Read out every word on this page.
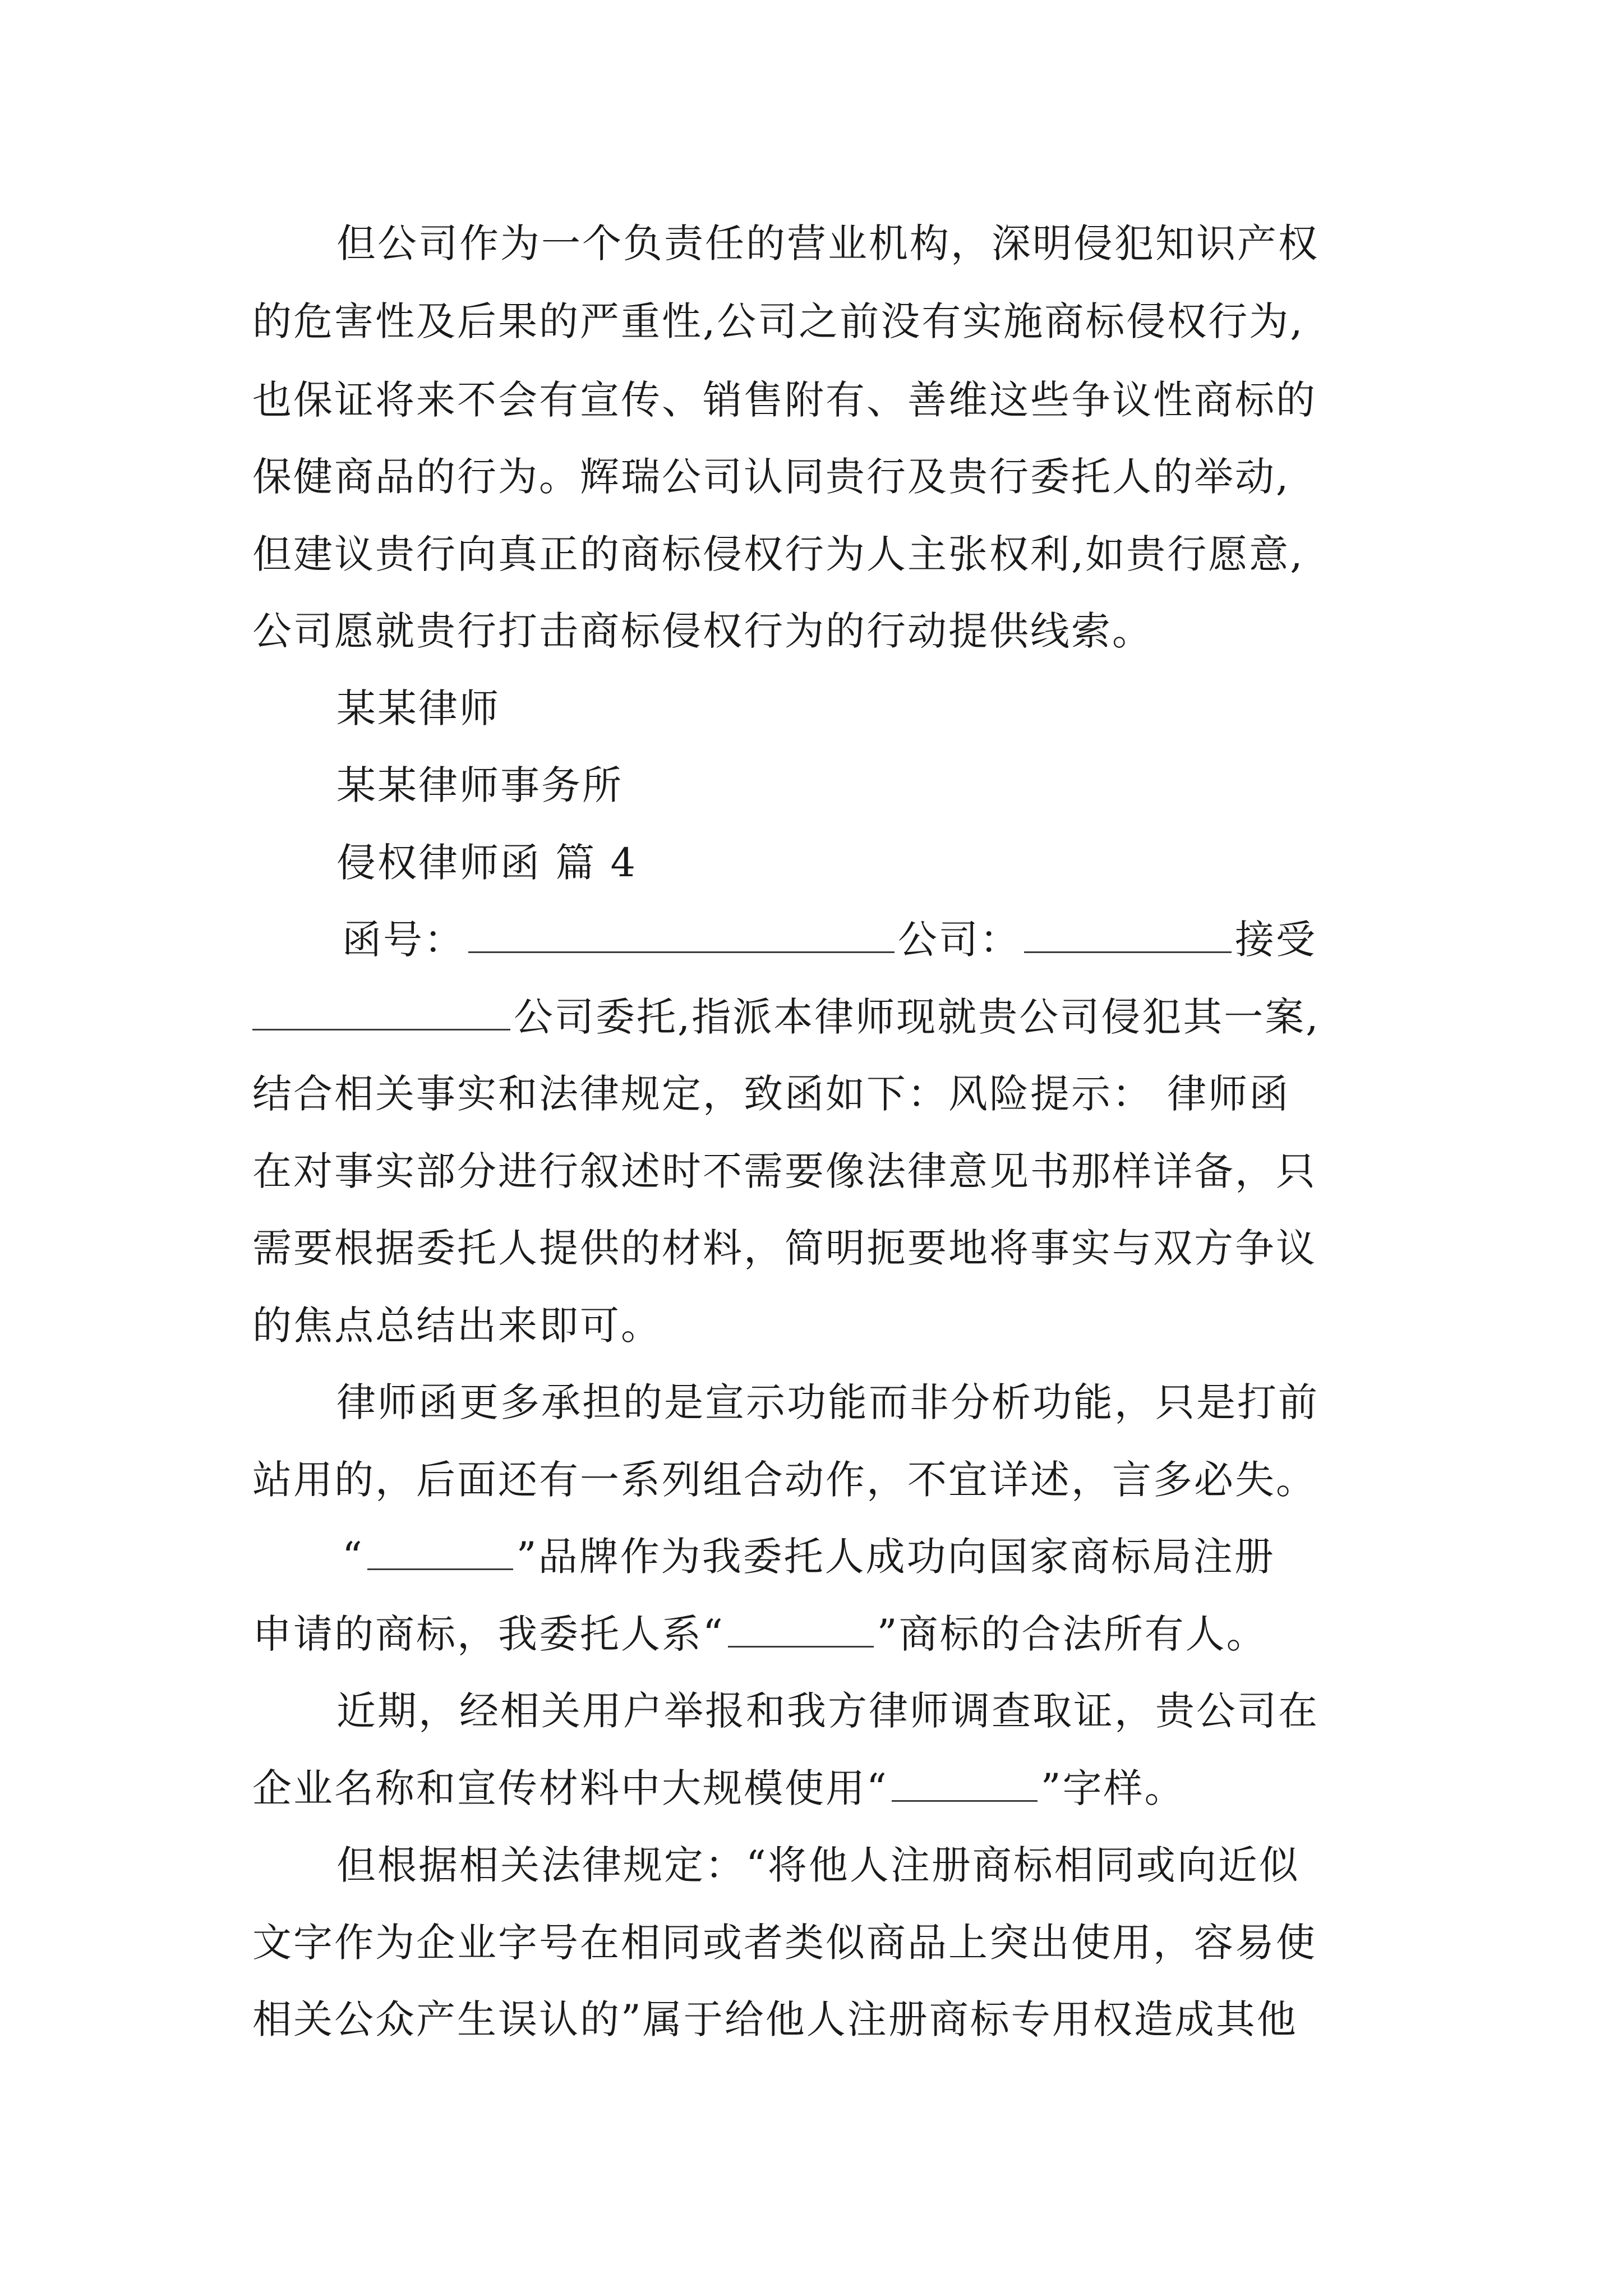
但公司作为一个负责任的营业机构，深明侵犯知识产权
的危害性及后果的严重性,公司之前没有实施商标侵权行为,
也保证将来不会有宣传、销售附有、善维这些争议性商标的
保健商品的行为。辉瑞公司认同贵行及贵行委托人的举动,
但建议贵行向真正的商标侵权行为人主张权利,如贵行愿意,
公司愿就贵行打击商标侵权行为的行动提供线索。
某某律师
某某律师事务所
侵权律师函 篇 4
函号：	公司：	接受
公司委托,指派本律师现就贵公司侵犯其一案,
结合相关事实和法律规定，致函如下：风险提示： 律师函
在对事实部分进行叙述时不需要像法律意见书那样详备，只
需要根据委托人提供的材料，简明扼要地将事实与双方争议
的焦点总结出来即可。
律师函更多承担的是宣示功能而非分析功能，只是打前
站用的，后面还有一系列组合动作，不宜详述，言多必失。
“	”品牌作为我委托人成功向国家商标局注册
申请的商标，我委托人系“	”商标的合法所有人。
近期，经相关用户举报和我方律师调查取证，贵公司在
企业名称和宣传材料中大规模使用“	”字样。
但根据相关法律规定：“将他人注册商标相同或向近似
文字作为企业字号在相同或者类似商品上突出使用，容易使
相关公众产生误认的”属于给他人注册商标专用权造成其他
